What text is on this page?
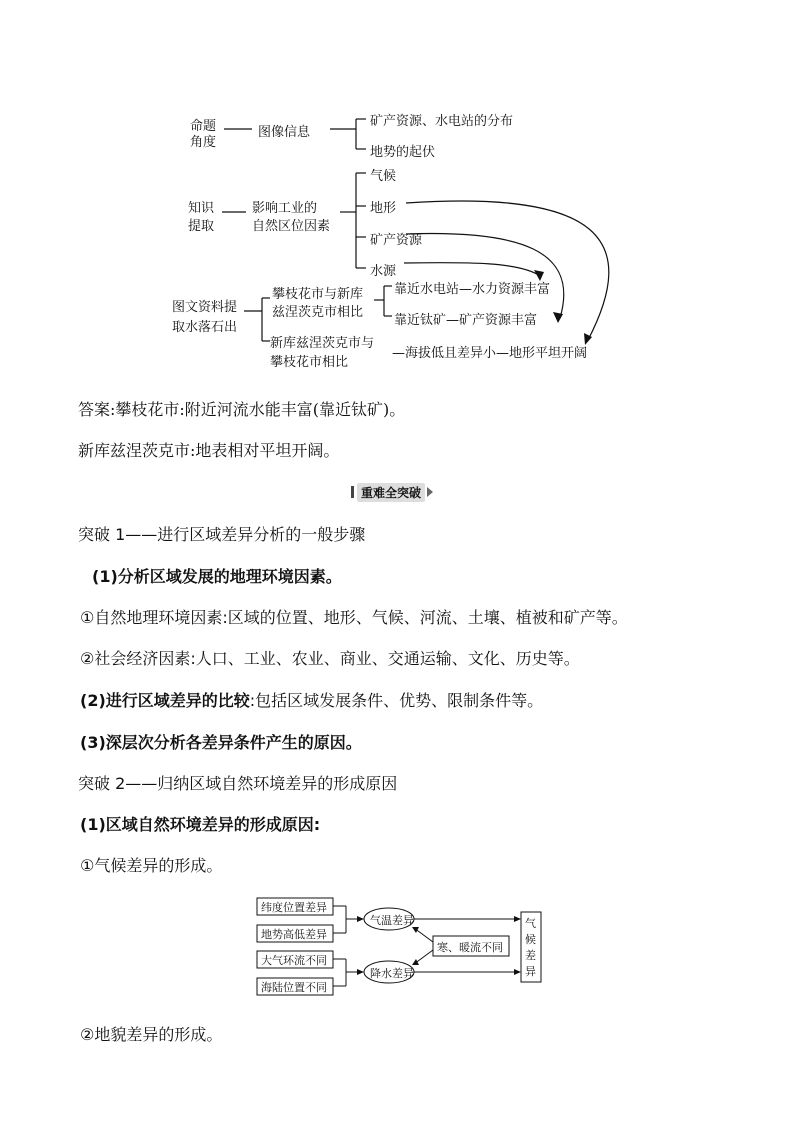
命题
角度
图像信息
矿产资源、水电站的分布
地势的起伏
知识
提取
影响工业的
自然区位因素
气候
地形
矿产资源
水源
图文资料提
取水落石出
攀枝花市与新库
兹涅茨克市相比
靠近水电站—水力资源丰富
靠近钛矿—矿产资源丰富
新库兹涅茨克市与
攀枝花市相比
—海拔低且差异小—地形平坦开阔
答案:攀枝花市:附近河流水能丰富(靠近钛矿)。
新库兹涅茨克市:地表相对平坦开阔。
重难全突破
突破 1——进行区域差异分析的一般步骤
(1)分析区域发展的地理环境因素。
①自然地理环境因素:区域的位置、地形、气候、河流、土壤、植被和矿产等。
②社会经济因素:人口、工业、农业、商业、交通运输、文化、历史等。
(2)进行区域差异的比较:包括区域发展条件、优势、限制条件等。
(3)深层次分析各差异条件产生的原因。
突破 2——归纳区域自然环境差异的形成原因
(1)区域自然环境差异的形成原因:
①气候差异的形成。
纬度位置差异
地势高低差异
大气环流不同
海陆位置不同
气温差异
降水差异
寒、暖流不同
气
候
差
异
②地貌差异的形成。
